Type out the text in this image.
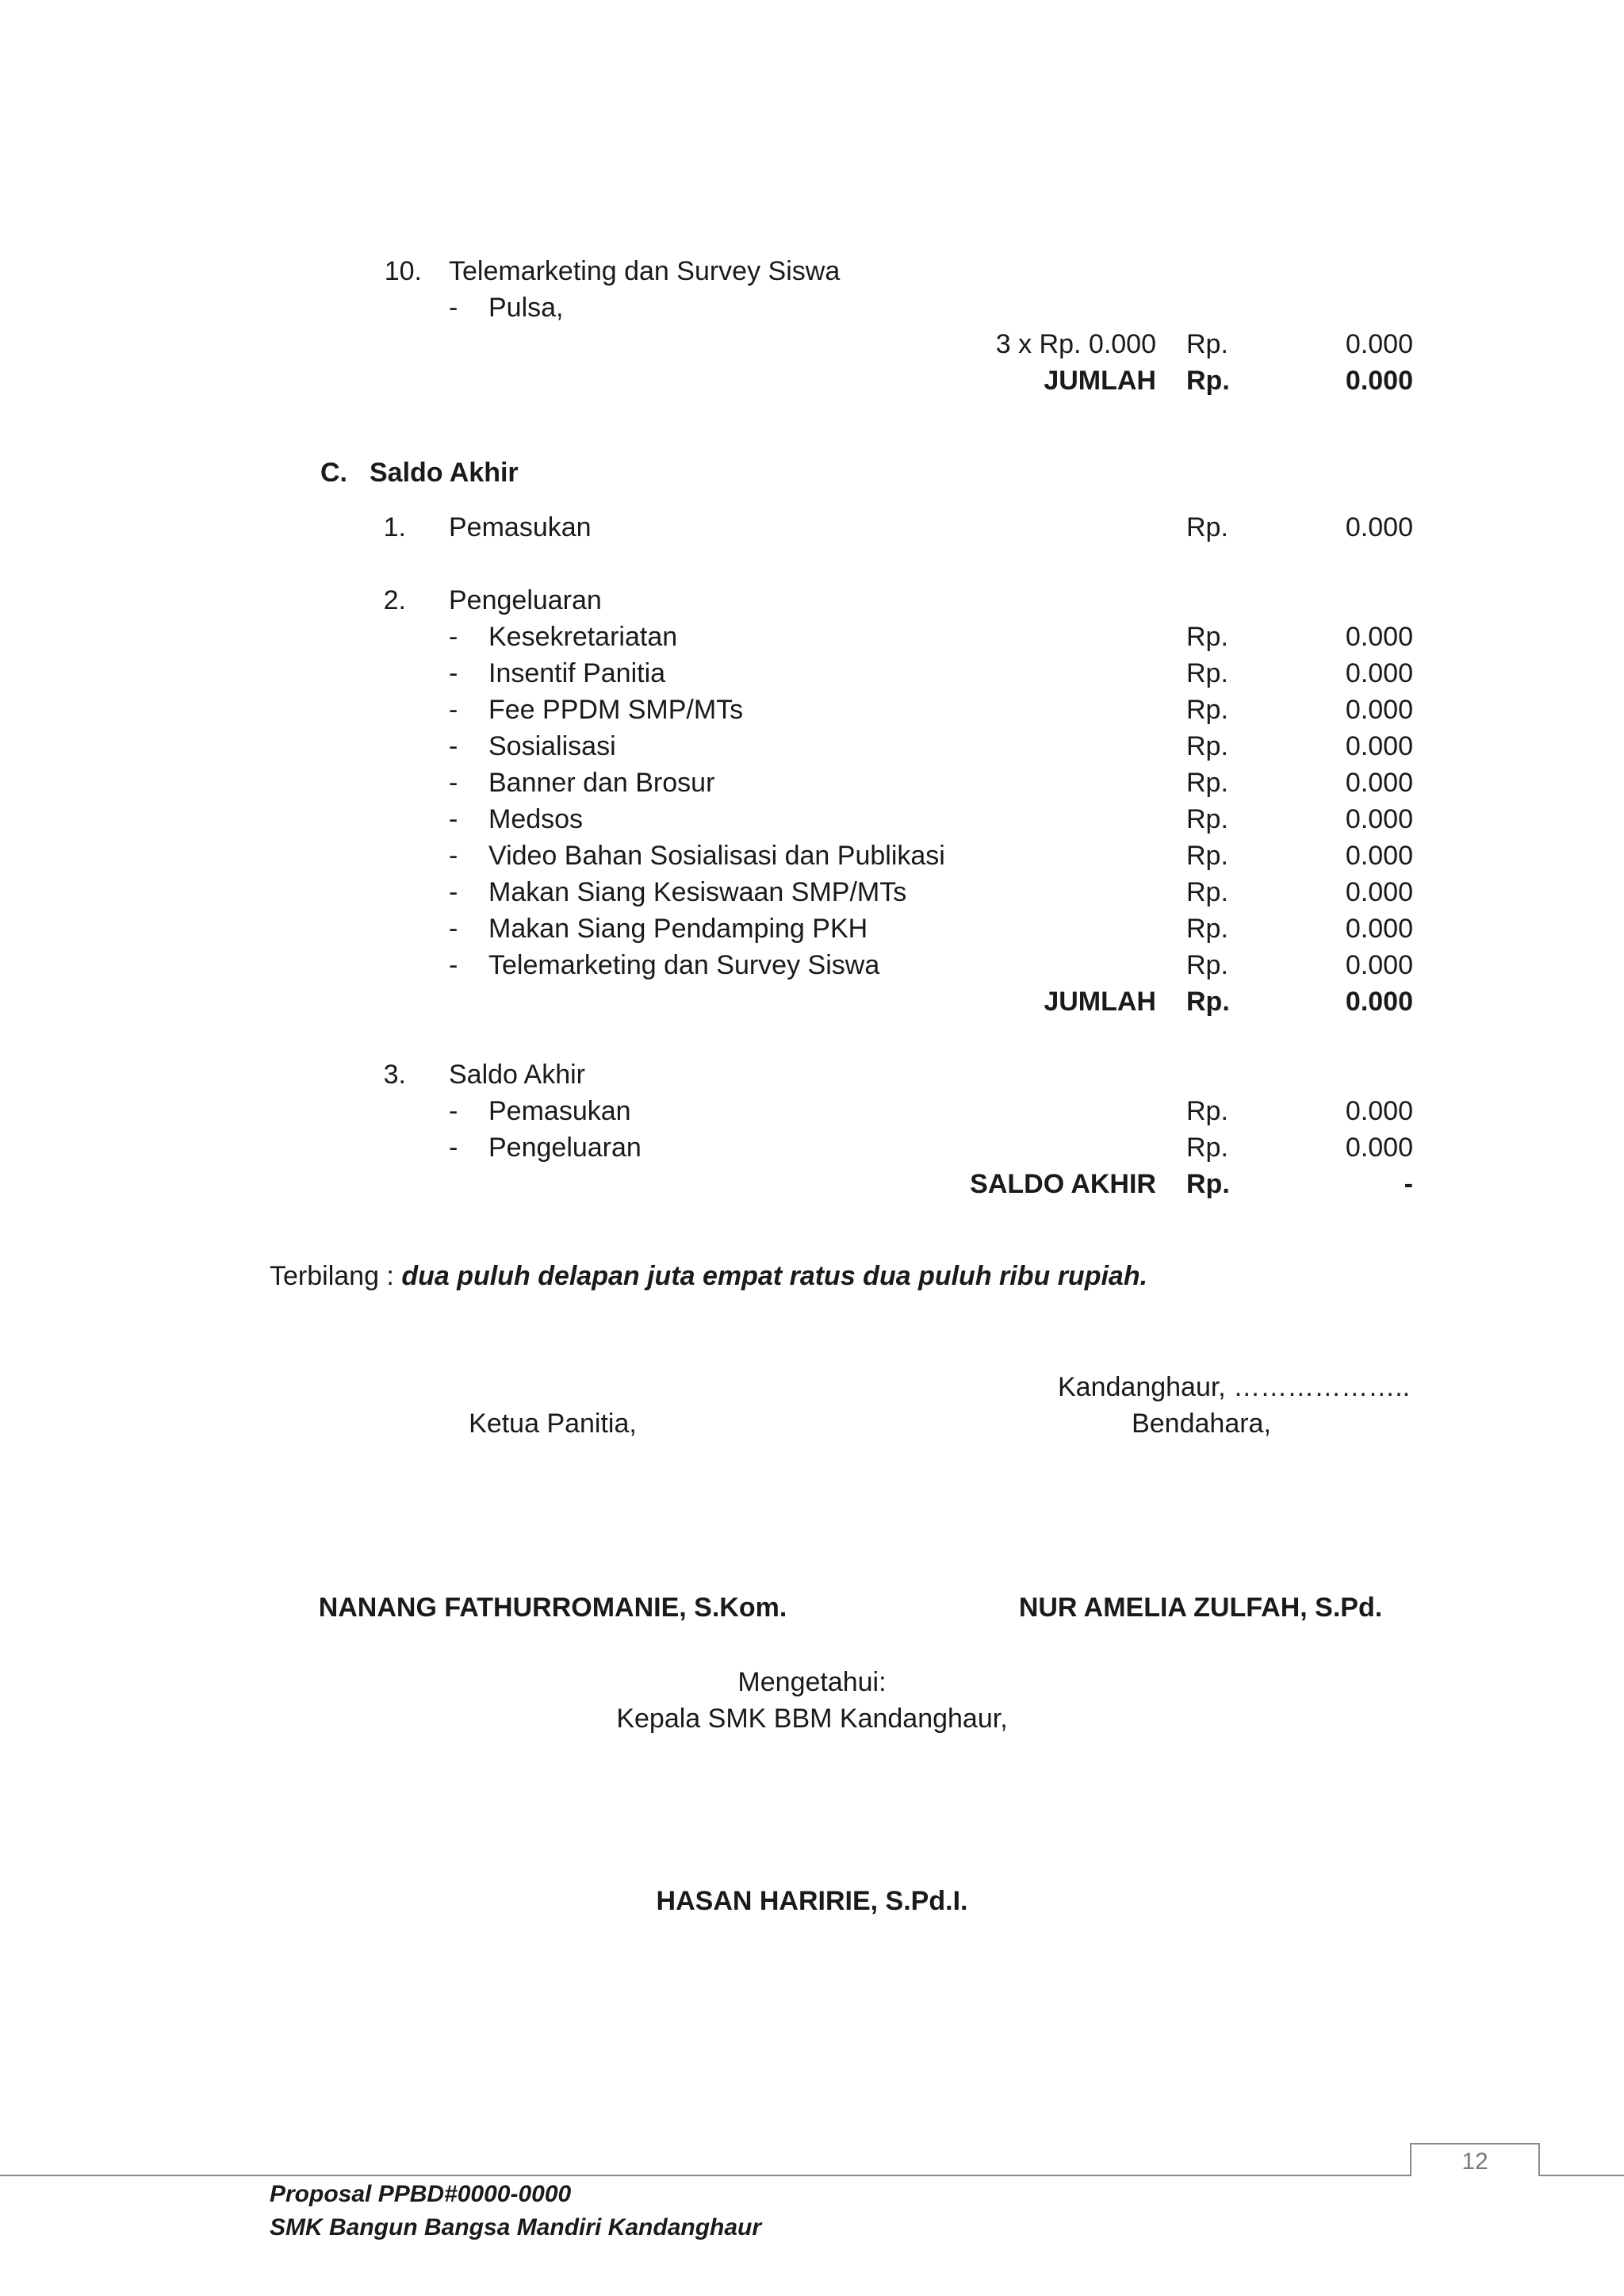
10. Telemarketing dan Survey Siswa
- Pulsa,
3 x Rp. 0.000 Rp.	0.000
JUMLAH Rp.	0.000
C. Saldo Akhir
1. Pemasukan	Rp.	0.000
2. Pengeluaran
- Kesekretariatan	Rp.	0.000
- Insentif Panitia	Rp.	0.000
- Fee PPDM SMP/MTs	Rp.	0.000
- Sosialisasi	Rp.	0.000
- Banner dan Brosur	Rp.	0.000
- Medsos	Rp.	0.000
- Video Bahan Sosialisasi dan Publikasi	Rp.	0.000
- Makan Siang Kesiswaan SMP/MTs	Rp.	0.000
- Makan Siang Pendamping PKH	Rp.	0.000
- Telemarketing dan Survey Siswa	Rp.	0.000
JUMLAH Rp.	0.000
3. Saldo Akhir
- Pemasukan	Rp.	0.000
- Pengeluaran	Rp.	0.000
SALDO AKHIR Rp.	-
Terbilang : dua puluh delapan juta empat ratus dua puluh ribu rupiah.
Kandanghaur, ………………..
Ketua Panitia,	Bendahara,
NANANG FATHURROMANIE, S.Kom.	NUR AMELIA ZULFAH, S.Pd.
Mengetahui:
Kepala SMK BBM Kandanghaur,
HASAN HARIRIE, S.Pd.I.
12
Proposal PPBD#0000-0000
SMK Bangun Bangsa Mandiri Kandanghaur
